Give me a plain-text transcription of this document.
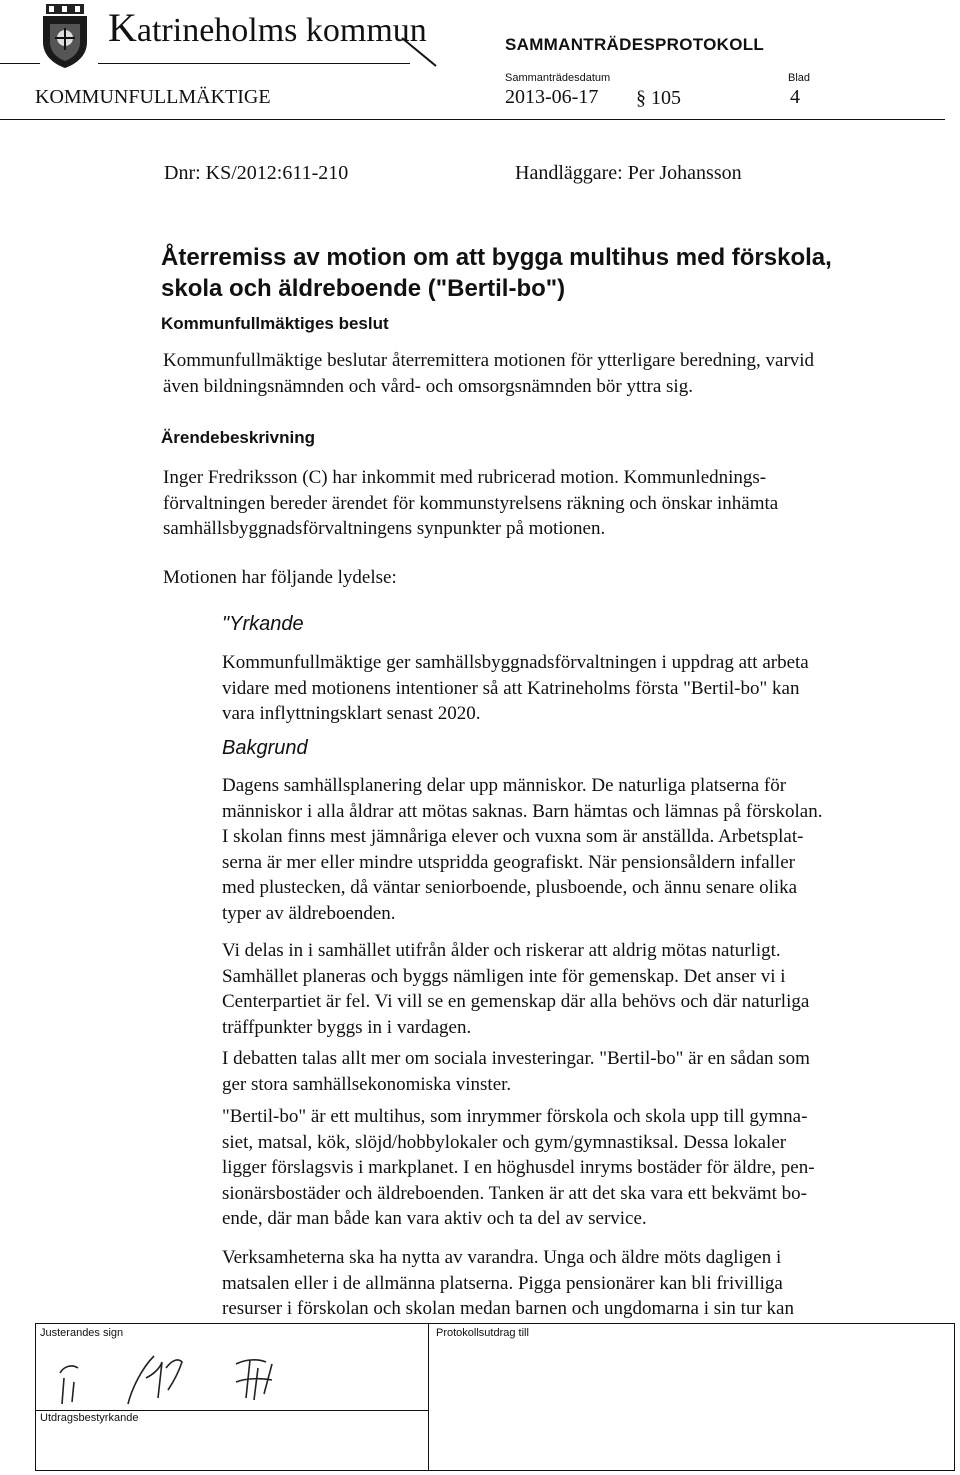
Katrineholms kommun	SAMMANTRÄDESPROTOKOLL
Sammanträdesdatum	Blad
KOMMUNFULLMÄKTIGE	2013-06-17 § 105	4
Dnr: KS/2012:611-210	Handläggare: Per Johansson
Återremiss av motion om att bygga multihus med förskola, skola och äldreboende ("Bertil-bo")
Kommunfullmäktiges beslut
Kommunfullmäktige beslutar återremittera motionen för ytterligare beredning, varvid
även bildningsnämnden och vård- och omsorgsnämnden bör yttra sig.
Ärendebeskrivning
Inger Fredriksson (C) har inkommit med rubricerad motion. Kommunlednings-
förvaltningen bereder ärendet för kommunstyrelsens räkning och önskar inhämta
samhällsbyggnadsförvaltningens synpunkter på motionen.
Motionen har följande lydelse:
"Yrkande
Kommunfullmäktige ger samhällsbyggnadsförvaltningen i uppdrag att arbeta
vidare med motionens intentioner så att Katrineholms första "Bertil-bo" kan
vara inflyttningsklart senast 2020.
Bakgrund
Dagens samhällsplanering delar upp människor. De naturliga platserna för
människor i alla åldrar att mötas saknas. Barn hämtas och lämnas på förskolan.
I skolan finns mest jämnåriga elever och vuxna som är anställda. Arbetsplat-
serna är mer eller mindre utspridda geografiskt. När pensionsåldern infaller
med plustecken, då väntar seniorboende, plusboende, och ännu senare olika
typer av äldreboenden.
Vi delas in i samhället utifrån ålder och riskerar att aldrig mötas naturligt.
Samhället planeras och byggs nämligen inte för gemenskap. Det anser vi i
Centerpartiet är fel. Vi vill se en gemenskap där alla behövs och där naturliga
träffpunkter byggs in i vardagen.
I debatten talas allt mer om sociala investeringar. "Bertil-bo" är en sådan som
ger stora samhällsekonomiska vinster.
"Bertil-bo" är ett multihus, som inrymmer förskola och skola upp till gymna-
siet, matsal, kök, slöjd/hobbylokaler och gym/gymnastiksal. Dessa lokaler
ligger förslagsvis i markplanet. I en höghusdel inryms bostäder för äldre, pen-
sionärsbostäder och äldreboenden. Tanken är att det ska vara ett bekvämt bo-
ende, där man både kan vara aktiv och ta del av service.
Verksamheterna ska ha nytta av varandra. Unga och äldre möts dagligen i
matsalen eller i de allmänna platserna. Pigga pensionärer kan bli frivilliga
resurser i förskolan och skolan medan barnen och ungdomarna i sin tur kan
Justerandes sign
Utdragsbestyrkande
Protokollsutdrag till
